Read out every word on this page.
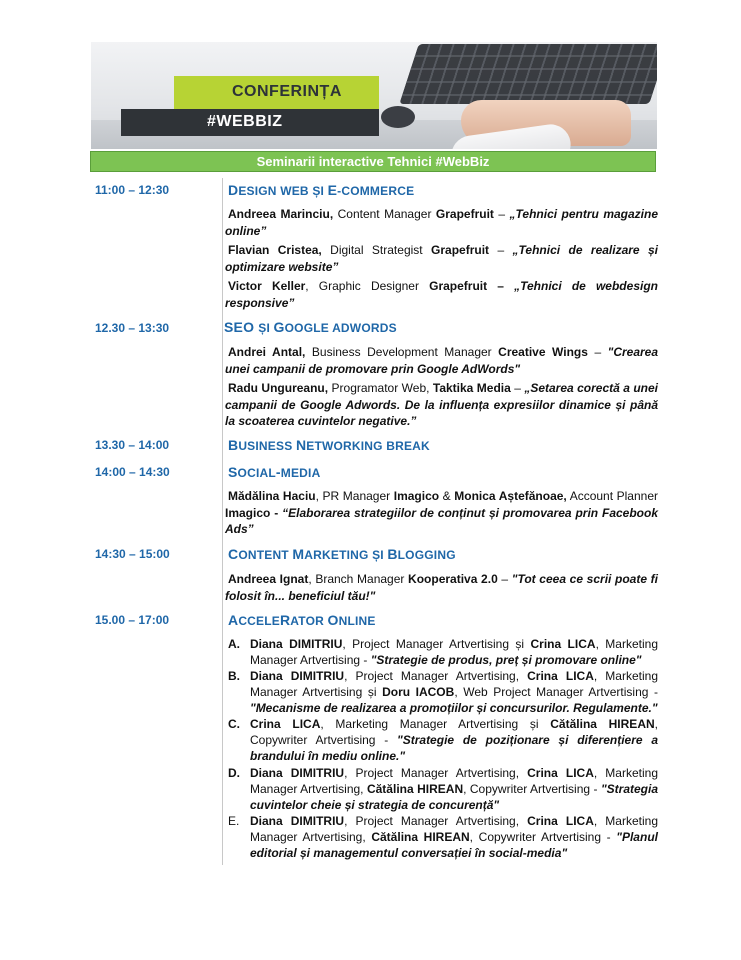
CONFERINȚA
#WEBBIZ
Seminarii interactive Tehnici #WebBiz
11:00 – 12:30	DESIGN WEB ȘI E-COMMERCE
Andreea Marinciu, Content Manager Grapefruit – „Tehnici pentru magazine online”
Flavian Cristea, Digital Strategist Grapefruit – „Tehnici de realizare și optimizare website”
Victor Keller, Graphic Designer Grapefruit – „Tehnici de webdesign responsive”
12.30 – 13:30	SEO ȘI GOOGLE ADWORDS
Andrei Antal, Business Development Manager Creative Wings – "Crearea unei campanii de promovare prin Google AdWords"
Radu Ungureanu, Programator Web, Taktika Media – „Setarea corectă a unei campanii de Google Adwords. De la influența expresiilor dinamice și până la scoaterea cuvintelor negative.”
13.30 – 14:00	BUSINESS NETWORKING BREAK
14:00 – 14:30	SOCIAL-MEDIA
Mădălina Haciu, PR Manager Imagico & Monica Aștefănoae, Account Planner Imagico - “Elaborarea strategiilor de conținut și promovarea prin Facebook Ads”
14:30 – 15:00	CONTENT MARKETING ȘI BLOGGING
Andreea Ignat, Branch Manager Kooperativa 2.0 – "Tot ceea ce scrii poate fi folosit în... beneficiul tău!"
15.00 – 17:00	ACCELERATOR ONLINE
A. Diana DIMITRIU, Project Manager Artvertising și Crina LICA, Marketing Manager Artvertising - "Strategie de produs, preț și promovare online"
B. Diana DIMITRIU, Project Manager Artvertising, Crina LICA, Marketing Manager Artvertising și Doru IACOB, Web Project Manager Artvertising - "Mecanisme de realizarea a promoțiilor și concursurilor. Regulamente."
C. Crina LICA, Marketing Manager Artvertising și Cătălina HIREAN, Copywriter Artvertising - "Strategie de poziționare și diferențiere a brandului în mediu online."
D. Diana DIMITRIU, Project Manager Artvertising, Crina LICA, Marketing Manager Artvertising, Cătălina HIREAN, Copywriter Artvertising - "Strategia cuvintelor cheie și strategia de concurență"
E. Diana DIMITRIU, Project Manager Artvertising, Crina LICA, Marketing Manager Artvertising, Cătălina HIREAN, Copywriter Artvertising - "Planul editorial și managementul conversației în social-media"
